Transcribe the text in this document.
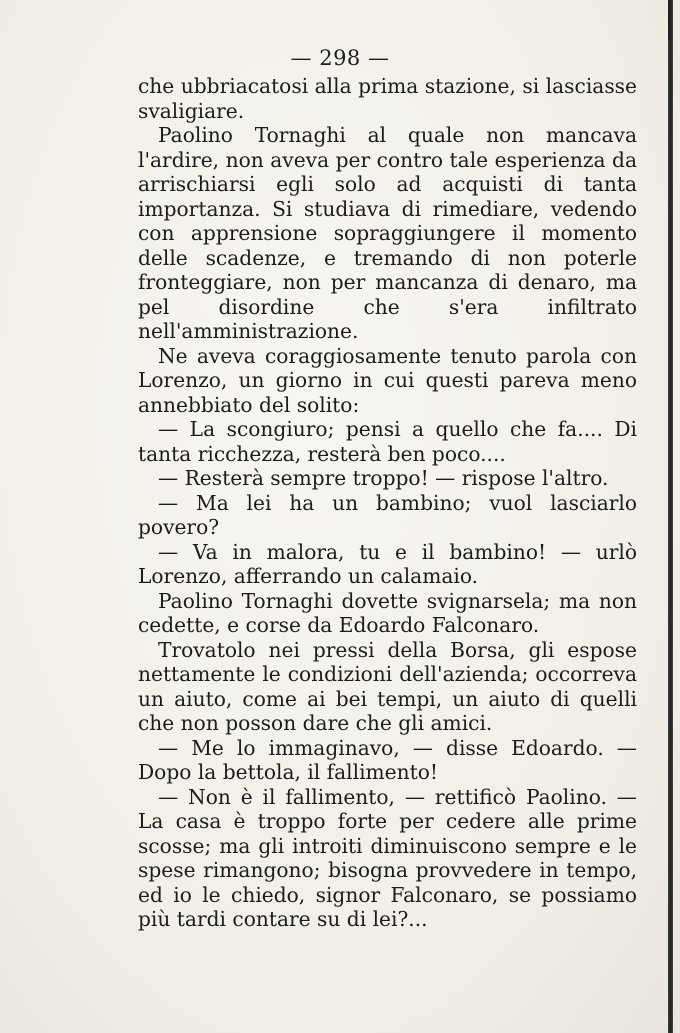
— 298 —

che ubbriacatosi alla prima stazione, si lasciasse svaligiare.

Paolino Tornaghi al quale non mancava l'ardire, non aveva per contro tale esperienza da arrischiarsi egli solo ad acquisti di tanta importanza. Si studiava di rimediare, vedendo con apprensione sopraggiungere il momento delle scadenze, e tremando di non poterle fronteggiare, non per mancanza di denaro, ma pel disordine che s'era infiltrato nell'amministrazione.

Ne aveva coraggiosamente tenuto parola con Lorenzo, un giorno in cui questi pareva meno annebbiato del solito:

— La scongiuro; pensi a quello che fa.... Di tanta ricchezza, resterà ben poco....

— Resterà sempre troppo! — rispose l'altro.

— Ma lei ha un bambino; vuol lasciarlo povero?

— Va in malora, tu e il bambino! — urlò Lorenzo, afferrando un calamaio.

Paolino Tornaghi dovette svignarsela; ma non cedette, e corse da Edoardo Falconaro.

Trovatolo nei pressi della Borsa, gli espose nettamente le condizioni dell'azienda; occorreva un aiuto, come ai bei tempi, un aiuto di quelli che non posson dare che gli amici.

— Me lo immaginavo, — disse Edoardo. — Dopo la bettola, il fallimento!

— Non è il fallimento, — rettificò Paolino. — La casa è troppo forte per cedere alle prime scosse; ma gli introiti diminuiscono sempre e le spese rimangono; bisogna provvedere in tempo, ed io le chiedo, signor Falconaro, se possiamo più tardi contare su di lei?...
